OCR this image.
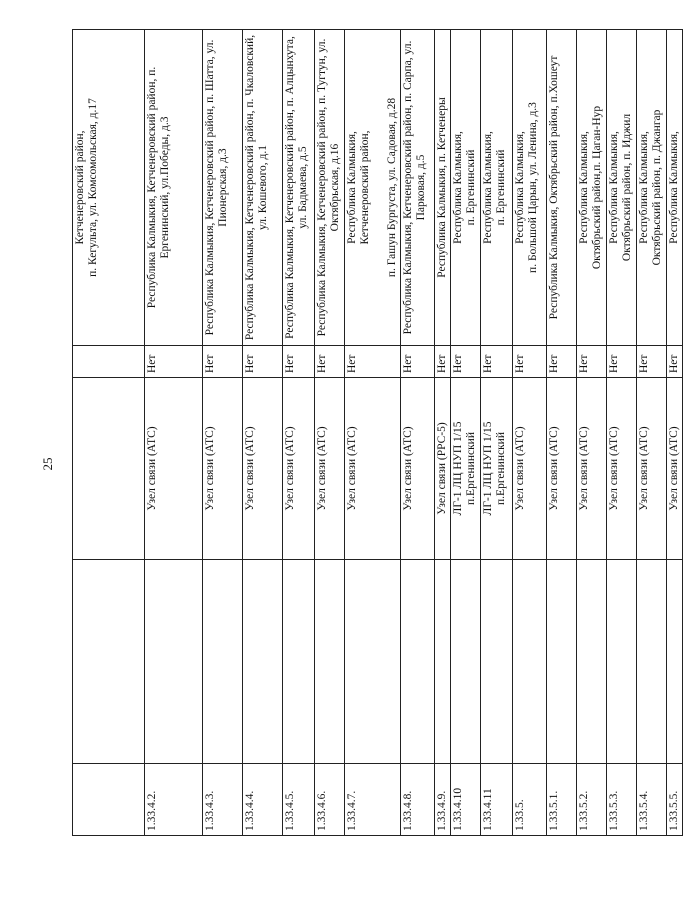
25
				Кетченеровский район,
п. Кегульта, ул. Комсомольская, д.17
1.33.4.2.		Узел связи (АТС)	Нет	Республика Калмыкия, Кетченеровский район, п. Ергенинский, ул.Победы, д.3
1.33.4.3.		Узел связи (АТС)	Нет	Республика Калмыкия, Кетченеровский район, п. Шатта, ул. Пионерская, д.3
1.33.4.4.		Узел связи (АТС)	Нет	Республика Калмыкия, Кетченеровский район, п. Чкаловский, ул. Кошевого, д.1
1.33.4.5.		Узел связи (АТС)	Нет	Республика Калмыкия, Кетченеровский район, п. Алцынхута, ул. Бадмаева, д.5
1.33.4.6.		Узел связи (АТС)	Нет	Республика Калмыкия, Кетченеровский район, п. Тугтун, ул. Октябрьская, д.16
1.33.4.7.		Узел связи (АТС)	Нет	Республика Калмыкия,
Кетченеровский район, п. Гашун Бургуста, ул. Садовая, д.28
1.33.4.8.		Узел связи (АТС)	Нет	Республика Калмыкия, Кетченеровский район, п. Сарпа, ул. Парковая, д.5
1.33.4.9.		Узел связи (РРС-5)	Нет	Республика Калмыкия, п. Кетченеры
1.33.4.10		ЛГ-1 ЛЦ НУП 1/15
п.Ергенинский	Нет	Республика Калмыкия,
п. Ергенинский
1.33.4.11		ЛГ-1 ЛЦ НУП 1/15
п.Ергенинский	Нет	Республика Калмыкия,
п. Ергенинский
1.33.5.		Узел связи (АТС)	Нет	Республика Калмыкия,
п. Большой Царын, ул. Ленина, д.3
1.33.5.1.		Узел связи (АТС)	Нет	Республика Калмыкия, Октябрьский район, п.Хошеут
1.33.5.2.		Узел связи (АТС)	Нет	Республика Калмыкия,
Октябрьский район,п. Цаган-Нур
1.33.5.3.		Узел связи (АТС)	Нет	Республика Калмыкия,
Октябрьский район, п. Иджил
1.33.5.4.		Узел связи (АТС)	Нет	Республика Калмыкия,
Октябрьский район, п. Джангар
1.33.5.5.		Узел связи (АТС)	Нет	Республика Калмыкия,
